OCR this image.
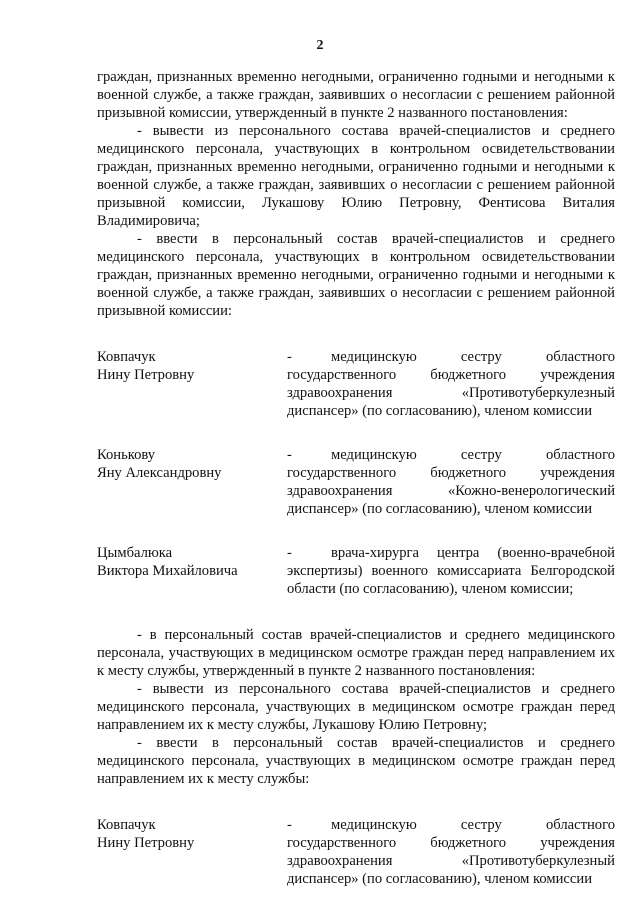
2

граждан, признанных временно негодными, ограниченно годными и негодными к военной службе, а также граждан, заявивших о несогласии с решением районной призывной комиссии, утвержденный в пункте 2 названного постановления:

- вывести из персонального состава врачей-специалистов и среднего медицинского персонала, участвующих в контрольном освидетельствовании граждан, признанных временно негодными, ограниченно годными и негодными к военной службе, а также граждан, заявивших о несогласии с решением районной призывной комиссии, Лукашову Юлию Петровну, Фентисова Виталия Владимировича;

- ввести в персональный состав врачей-специалистов и среднего медицинского персонала, участвующих в контрольном освидетельствовании граждан, признанных временно негодными, ограниченно годными и негодными к военной службе, а также граждан, заявивших о несогласии с решением районной призывной комиссии:

Ковпачук
Нину Петровну
-	медицинскую сестру областного государственного бюджетного учреждения здравоохранения «Противотуберкулезный диспансер» (по согласованию), членом комиссии
Конькову
Яну Александровну
-	медицинскую сестру областного государственного бюджетного учреждения здравоохранения «Кожно-венерологический диспансер» (по согласованию), членом комиссии
Цымбалюка
Виктора Михайловича
-	врача-хирурга центра (военно-врачебной экспертизы) военного комиссариата Белгородской области (по согласованию), членом комиссии;

- в персональный состав врачей-специалистов и среднего медицинского персонала, участвующих в медицинском осмотре граждан перед направлением их к месту службы, утвержденный в пункте 2 названного постановления:

- вывести из персонального состава врачей-специалистов и среднего медицинского персонала, участвующих в медицинском осмотре граждан перед направлением их к месту службы, Лукашову Юлию Петровну;

- ввести в персональный состав врачей-специалистов и среднего медицинского персонала, участвующих в медицинском осмотре граждан перед направлением их к месту службы:

Ковпачук
Нину Петровну
-	медицинскую сестру областного государственного бюджетного учреждения здравоохранения «Противотуберкулезный диспансер» (по согласованию), членом комиссии
